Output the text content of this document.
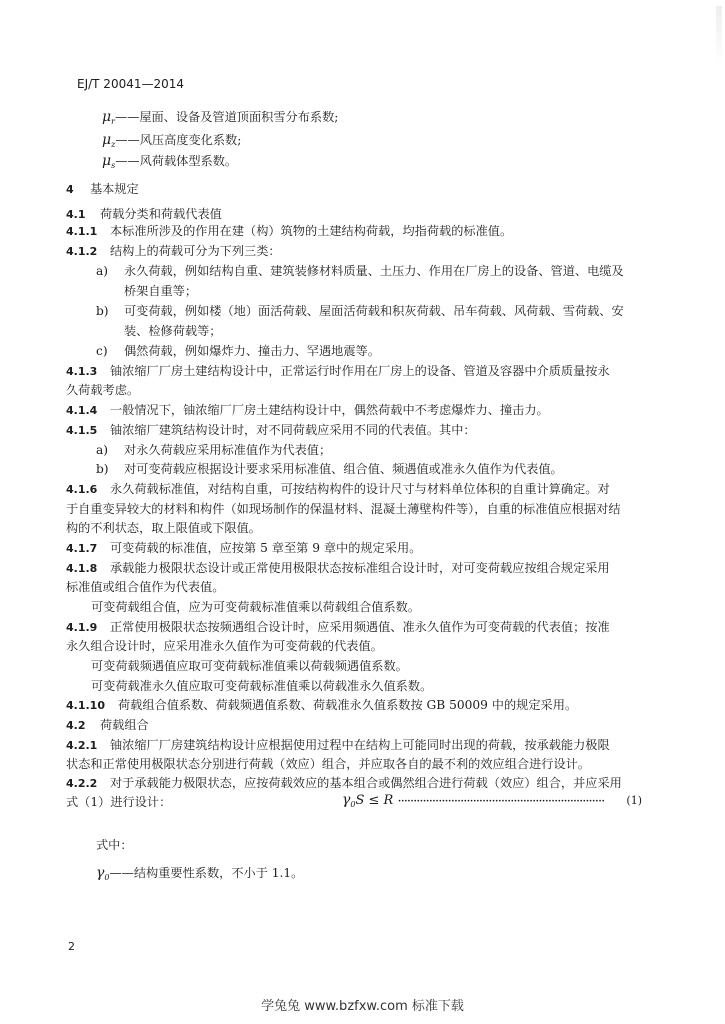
EJ/T 20041—2014
$\mu_r——$屋面、设备及管道顶面积雪分布系数;
$\mu_z——$风压高度变化系数;
$\mu_s——$风荷载体型系数。
4 基本规定
4.1 荷载分类和荷载代表值
4.1.1 本标准所涉及的作用在建（构）筑物的土建结构荷载，均指荷载的标准值。
4.1.2 结构上的荷载可分为下列三类：
a) 永久荷载，例如结构自重、建筑装修材料质量、土压力、作用在厂房上的设备、管道、电缆及
桥架自重等；
b) 可变荷载，例如楼（地）面活荷载、屋面活荷载和积灰荷载、吊车荷载、风荷载、雪荷载、安
装、检修荷载等；
c) 偶然荷载，例如爆炸力、撞击力、罕遇地震等。
4.1.3 铀浓缩厂厂房土建结构设计中，正常运行时作用在厂房上的设备、管道及容器中介质质量按永
久荷载考虑。
4.1.4 一般情况下，铀浓缩厂厂房土建结构设计中，偶然荷载中不考虑爆炸力、撞击力。
4.1.5 铀浓缩厂建筑结构设计时，对不同荷载应采用不同的代表值。其中：
a) 对永久荷载应采用标准值作为代表值；
b) 对可变荷载应根据设计要求采用标准值、组合值、频遇值或准永久值作为代表值。
4.1.6 永久荷载标准值，对结构自重，可按结构构件的设计尺寸与材料单位体积的自重计算确定。对
于自重变异较大的材料和构件（如现场制作的保温材料、混凝土薄壁构件等），自重的标准值应根据对结
构的不利状态，取上限值或下限值。
4.1.7 可变荷载的标准值，应按第 5 章至第 9 章中的规定采用。
4.1.8 承载能力极限状态设计或正常使用极限状态按标准组合设计时，对可变荷载应按组合规定采用
标准值或组合值作为代表值。
可变荷载组合值，应为可变荷载标准值乘以荷载组合值系数。
4.1.9 正常使用极限状态按频遇组合设计时，应采用频遇值、准永久值作为可变荷载的代表值；按准
永久组合设计时，应采用准永久值作为可变荷载的代表值。
可变荷载频遇值应取可变荷载标准值乘以荷载频遇值系数。
可变荷载准永久值应取可变荷载标准值乘以荷载准永久值系数。
4.1.10 荷载组合值系数、荷载频遇值系数、荷载准永久值系数按 GB 50009 中的规定采用。
4.2 荷载组合
4.2.1 铀浓缩厂厂房建筑结构设计应根据使用过程中在结构上可能同时出现的荷载，按承载能力极限
状态和正常使用极限状态分别进行荷载（效应）组合，并应取各自的最不利的效应组合进行设计。
4.2.2 对于承载能力极限状态，应按荷载效应的基本组合或偶然组合进行荷载（效应）组合，并应采用
式（1）进行设计：	$\gamma_0S \le R$ ·································································· (1)
式中：
$\gamma_0——$结构重要性系数，不小于 1.1。
2
学兔兔 www.bzfxw.com 标准下载
